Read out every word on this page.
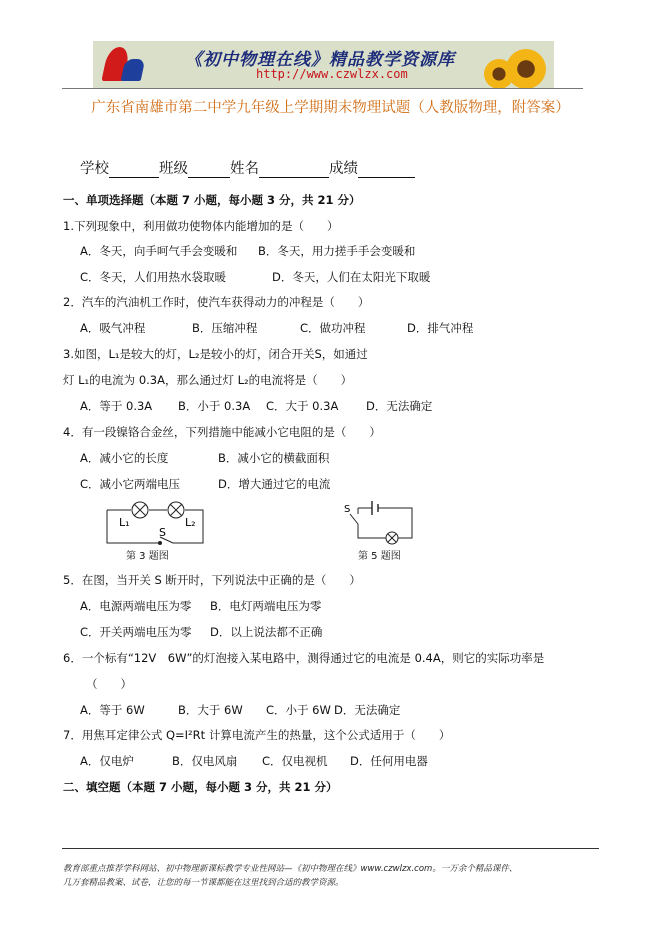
《初中物理在线》精品教学资源库
http://www.czwlzx.com
广东省南雄市第二中学九年级上学期期末物理试题（人教版物理，附答案）
学校	班级	姓名	成绩
一、单项选择题（本题 7 小题，每小题 3 分，共 21 分）
1.下列现象中，利用做功使物体内能增加的是（　　）
A．冬天，向手呵气手会变暖和 B．冬天，用力搓手手会变暖和
C．冬天，人们用热水袋取暖	D．冬天，人们在太阳光下取暖
2．汽车的汽油机工作时，使汽车获得动力的冲程是（　　）
A．吸气冲程	B．压缩冲程	C．做功冲程	D．排气冲程
3.如图，L₁是较大的灯，L₂是较小的灯，闭合开关S，如通过
灯 L₁的电流为 0.3A，那么通过灯 L₂的电流将是（　　）
A．等于 0.3A B．小于 0.3A C．大于 0.3A D．无法确定
4．有一段镍铬合金丝，下列措施中能减小它电阻的是（　　）
A．减小它的长度	B．减小它的横截面积
C．减小它两端电压	D．增大通过它的电流
L₁	L₂
S
第 3 题图
S
第 5 题图
5．在图，当开关 S 断开时，下列说法中正确的是（　　）
A．电源两端电压为零 B．电灯两端电压为零
C．开关两端电压为零 D．以上说法都不正确
6．一个标有“12V　6W”的灯泡接入某电路中，测得通过它的电流是 0.4A，则它的实际功率是
（　　）
A．等于 6W	B．大于 6W C．小于 6W D．无法确定
7．用焦耳定律公式 Q=I²Rt 计算电流产生的热量，这个公式适用于（　　）
A．仅电炉	B．仅电风扇 C．仅电视机 D．任何用电器
二、填空题（本题 7 小题，每小题 3 分，共 21 分）
教育部重点推荐学科网站、初中物理新课标教学专业性网站—《初中物理在线》www.czwlzx.com。一万余个精品课件、
几万套精品教案、试卷，让您的每一节课都能在这里找到合适的教学资源。
